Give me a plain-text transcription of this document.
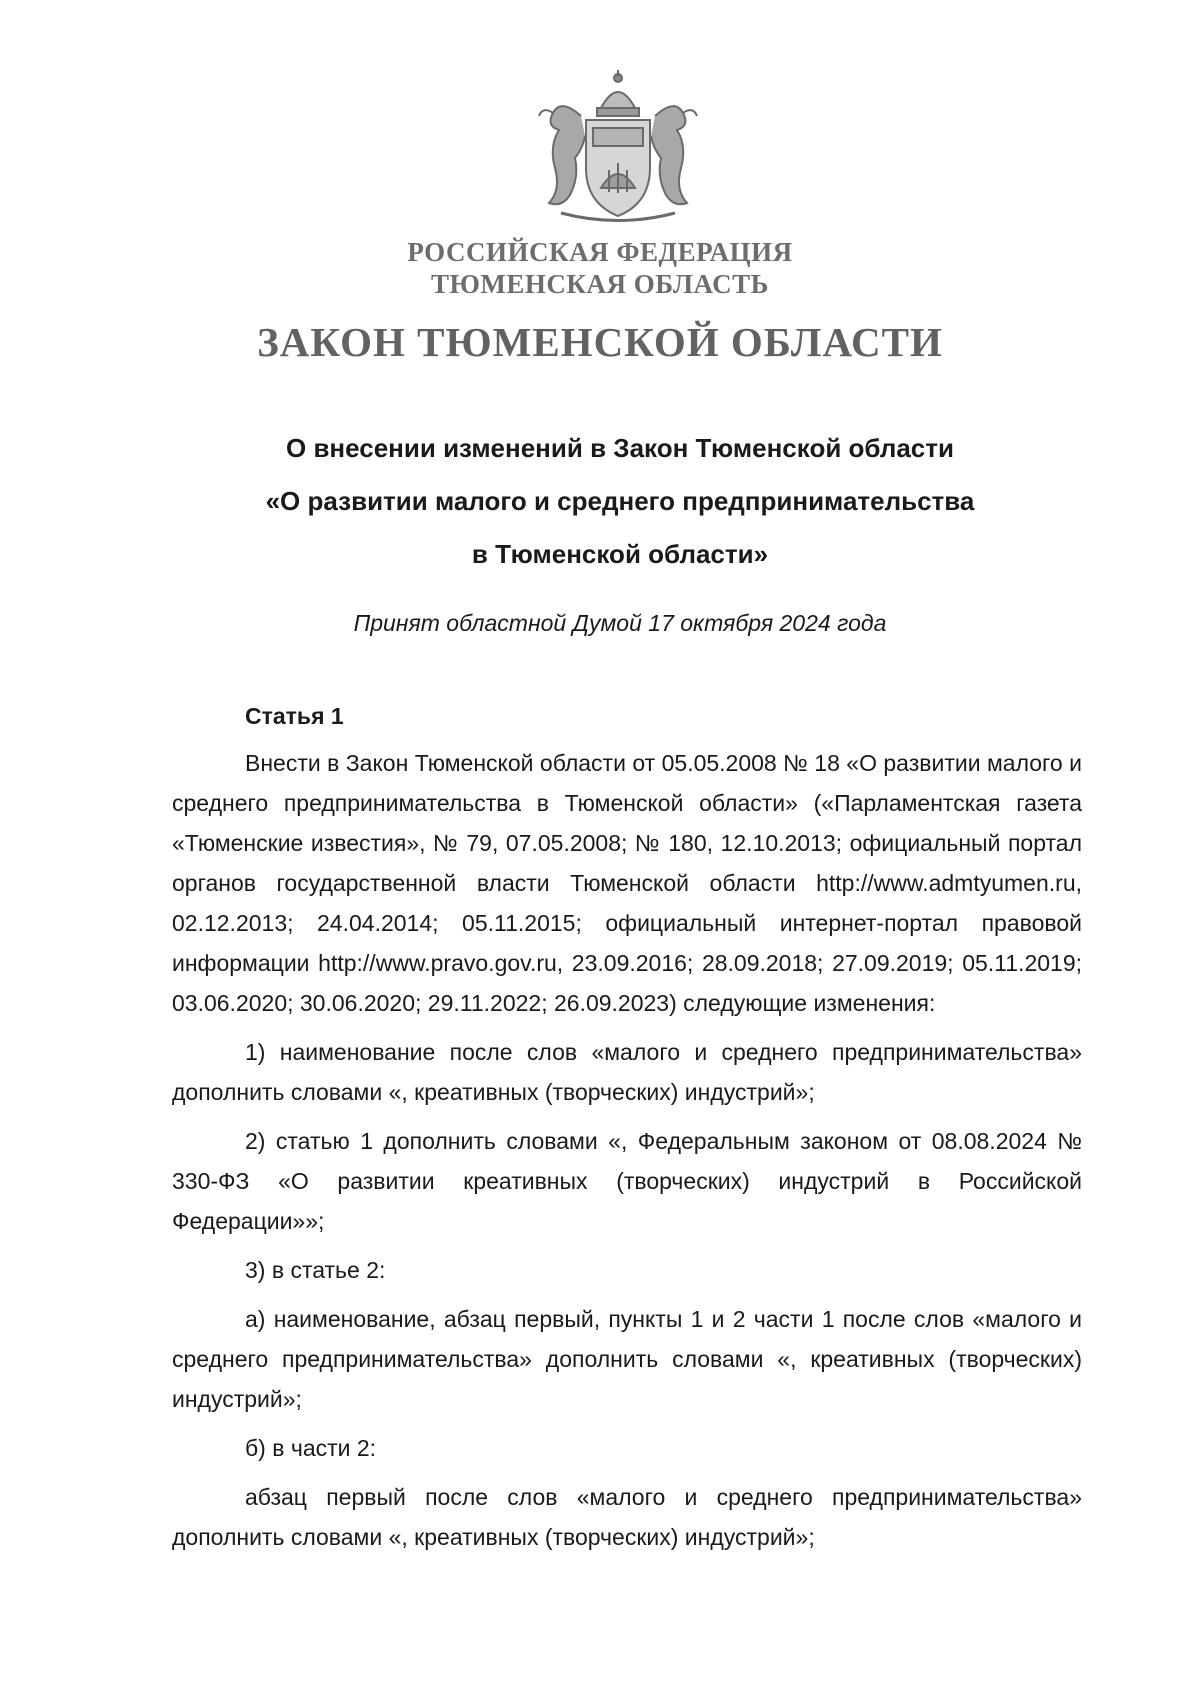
РОССИЙСКАЯ ФЕДЕРАЦИЯ
ТЮМЕНСКАЯ ОБЛАСТЬ
ЗАКОН ТЮМЕНСКОЙ ОБЛАСТИ
О внесении изменений в Закон Тюменской области
«О развитии малого и среднего предпринимательства
в Тюменской области»
Принят областной Думой 17 октября 2024 года
Статья 1

Внести в Закон Тюменской области от 05.05.2008 № 18 «О развитии малого и среднего предпринимательства в Тюменской области» («Парламентская газета «Тюменские известия», № 79, 07.05.2008; № 180, 12.10.2013; официальный портал органов государственной власти Тюменской области http://www.admtyumen.ru, 02.12.2013; 24.04.2014; 05.11.2015; официальный интернет-портал правовой информации http://www.pravo.gov.ru, 23.09.2016; 28.09.2018; 27.09.2019; 05.11.2019; 03.06.2020; 30.06.2020; 29.11.2022; 26.09.2023) следующие изменения:

1) наименование после слов «малого и среднего предпринимательства» дополнить словами «, креативных (творческих) индустрий»;

2) статью 1 дополнить словами «, Федеральным законом от 08.08.2024 № 330-ФЗ «О развитии креативных (творческих) индустрий в Российской Федерации»»;

3) в статье 2:

а) наименование, абзац первый, пункты 1 и 2 части 1 после слов «малого и среднего предпринимательства» дополнить словами «, креативных (творческих) индустрий»;

б) в части 2:

абзац первый после слов «малого и среднего предпринимательства» дополнить словами «, креативных (творческих) индустрий»;
